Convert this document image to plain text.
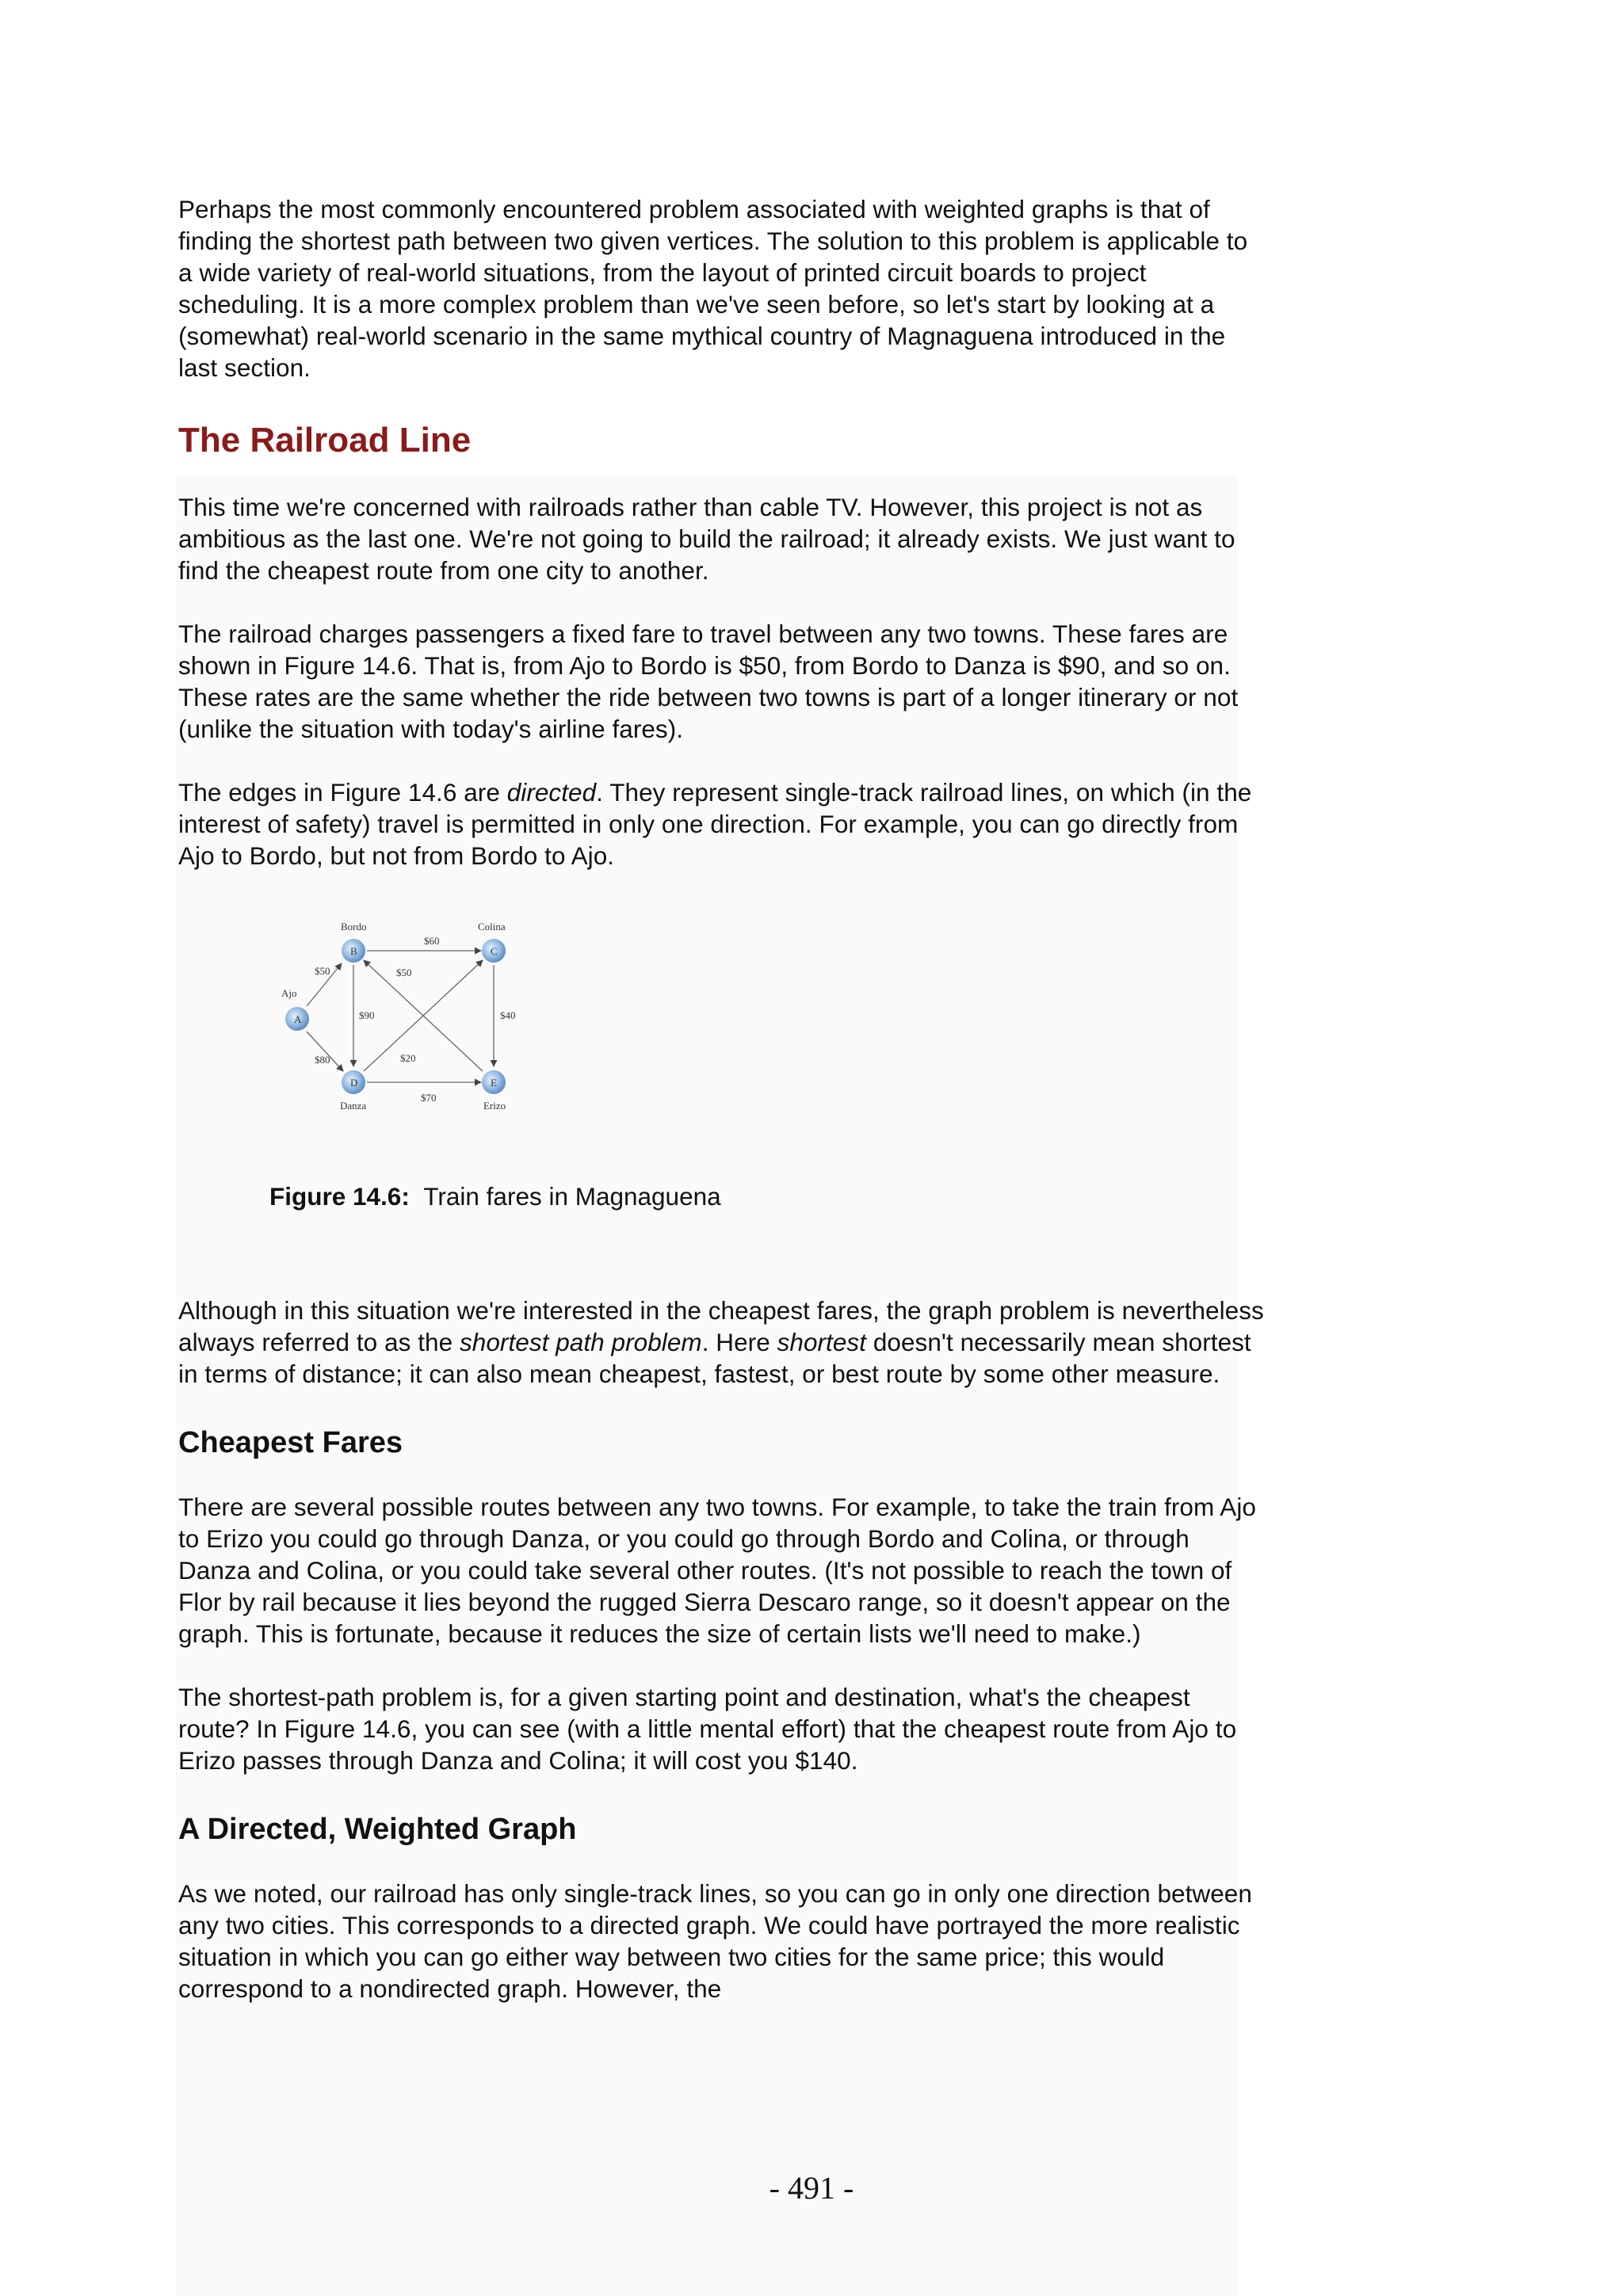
Perhaps the most commonly encountered problem associated with weighted graphs is that of finding the shortest path between two given vertices. The solution to this problem is applicable to a wide variety of real-world situations, from the layout of printed circuit boards to project scheduling. It is a more complex problem than we've seen before, so let's start by looking at a (somewhat) real-world scenario in the same mythical country of Magnaguena introduced in the last section.

The Railroad Line

This time we're concerned with railroads rather than cable TV. However, this project is not as ambitious as the last one. We're not going to build the railroad; it already exists. We just want to find the cheapest route from one city to another.

The railroad charges passengers a fixed fare to travel between any two towns. These fares are shown in Figure 14.6. That is, from Ajo to Bordo is $50, from Bordo to Danza is $90, and so on. These rates are the same whether the ride between two towns is part of a longer itinerary or not (unlike the situation with today's airline fares).

The edges in Figure 14.6 are directed. They represent single-track railroad lines, on which (in the interest of safety) travel is permitted in only one direction. For example, you can go directly from Ajo to Bordo, but not from Bordo to Ajo.

$50
$80
$60
$90	$40
$20
$70
$50
A
Ajo
B
Bordo
C
Colina
D
Danza
E
Erizo
Figure 14.6: Train fares in Magnaguena

Although in this situation we're interested in the cheapest fares, the graph problem is nevertheless always referred to as the shortest path problem. Here shortest doesn't necessarily mean shortest in terms of distance; it can also mean cheapest, fastest, or best route by some other measure.

Cheapest Fares

There are several possible routes between any two towns. For example, to take the train from Ajo to Erizo you could go through Danza, or you could go through Bordo and Colina, or through Danza and Colina, or you could take several other routes. (It's not possible to reach the town of Flor by rail because it lies beyond the rugged Sierra Descaro range, so it doesn't appear on the graph. This is fortunate, because it reduces the size of certain lists we'll need to make.)

The shortest-path problem is, for a given starting point and destination, what's the cheapest route? In Figure 14.6, you can see (with a little mental effort) that the cheapest route from Ajo to Erizo passes through Danza and Colina; it will cost you $140.

A Directed, Weighted Graph

As we noted, our railroad has only single-track lines, so you can go in only one direction between any two cities. This corresponds to a directed graph. We could have portrayed the more realistic situation in which you can go either way between two cities for the same price; this would correspond to a nondirected graph. However, the

- 491 -
